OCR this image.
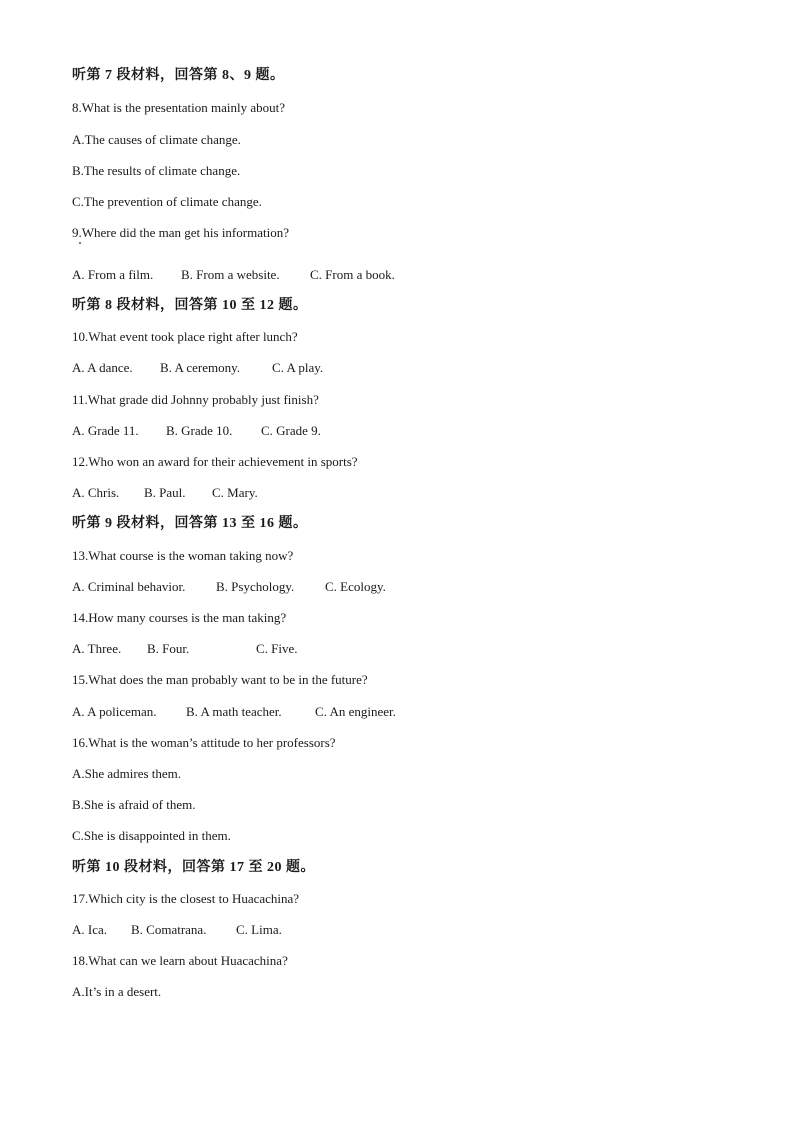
听第 7 段材料，回答第 8、9 题。
8.What is the presentation mainly about?
A.The causes of climate change.
B.The results of climate change.
C.The prevention of climate change.
9.Where did the man get his information?
A. From a film. B. From a website. C. From a book.
听第 8 段材料，回答第 10 至 12 题。
10.What event took place right after lunch?
A. A dance. B. A ceremony. C. A play.
11.What grade did Johnny probably just finish?
A. Grade 11. B. Grade 10. C. Grade 9.
12.Who won an award for their achievement in sports?
A. Chris. B. Paul. C. Mary.
听第 9 段材料，回答第 13 至 16 题。
13.What course is the woman taking now?
A. Criminal behavior. B. Psychology. C. Ecology.
14.How many courses is the man taking?
A. Three. B. Four.	C. Five.
15.What does the man probably want to be in the future?
A. A policeman. B. A math teacher.	C. An engineer.
16.What is the woman’s attitude to her professors?
A.She admires them.
B.She is afraid of them.
C.She is disappointed in them.
听第 10 段材料，回答第 17 至 20 题。
17.Which city is the closest to Huacachina?
A. Ica. B. Comatrana. C. Lima.
18.What can we learn about Huacachina?
A.It’s in a desert.
